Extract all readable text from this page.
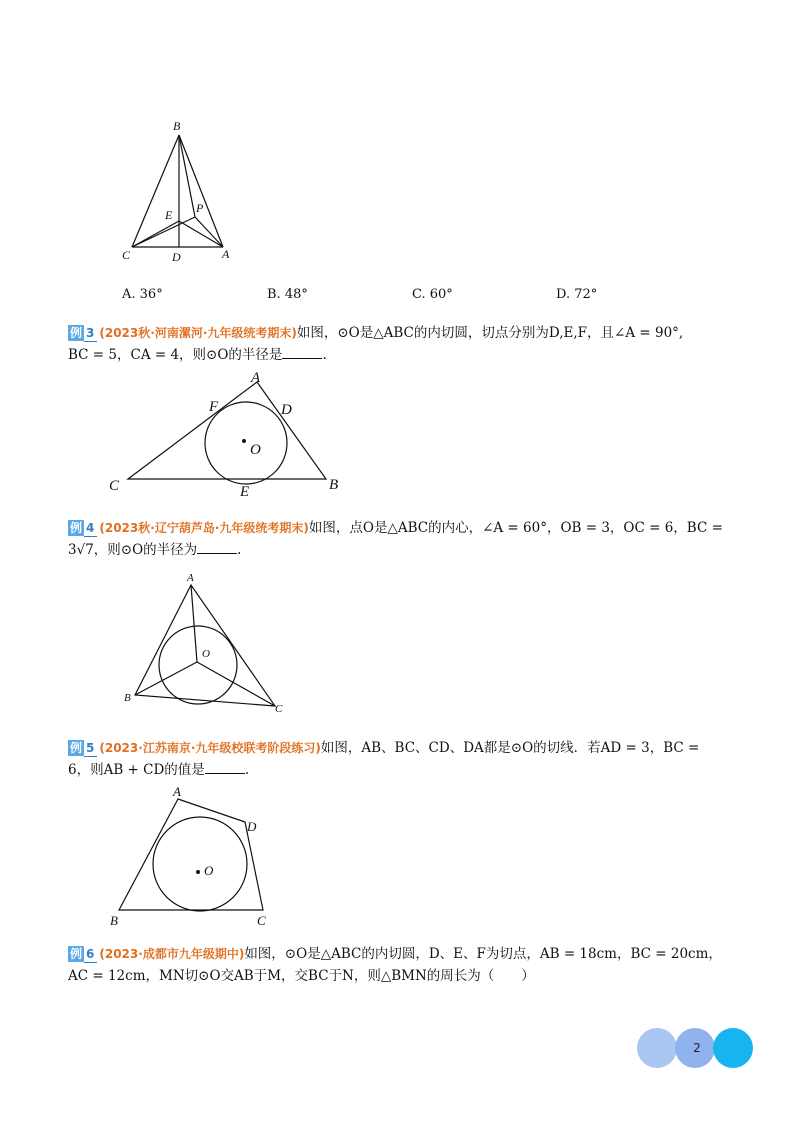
B
E P
C	D	A
A. 36°	B. 48°	C. 60°	D. 72°
例 3 (2023秋·河南漯河·九年级统考期末)如图，⊙O是△ABC的内切圆，切点分别为D,E,F，且∠A = 90°,
BC = 5，CA = 4，则⊙O的半径是	.
A
F	D
O
C	E	B
例 4 (2023秋·辽宁葫芦岛·九年级统考期末)如图，点O是△ABC的内心，∠A = 60°，OB = 3，OC = 6，BC =
3√7，则⊙O的半径为	.
A
O
B
C
例 5 (2023·江苏南京·九年级校联考阶段练习)如图，AB、BC、CD、DA都是⊙O的切线．若AD = 3，BC =
6，则AB + CD的值是	.
A
D
O
B	C
例 6 (2023·成都市九年级期中)如图，⊙O是△ABC的内切圆，D、E、F为切点，AB = 18cm，BC = 20cm，
AC = 12cm，MN切⊙O交AB于M，交BC于N，则△BMN的周长为（　　）
2
